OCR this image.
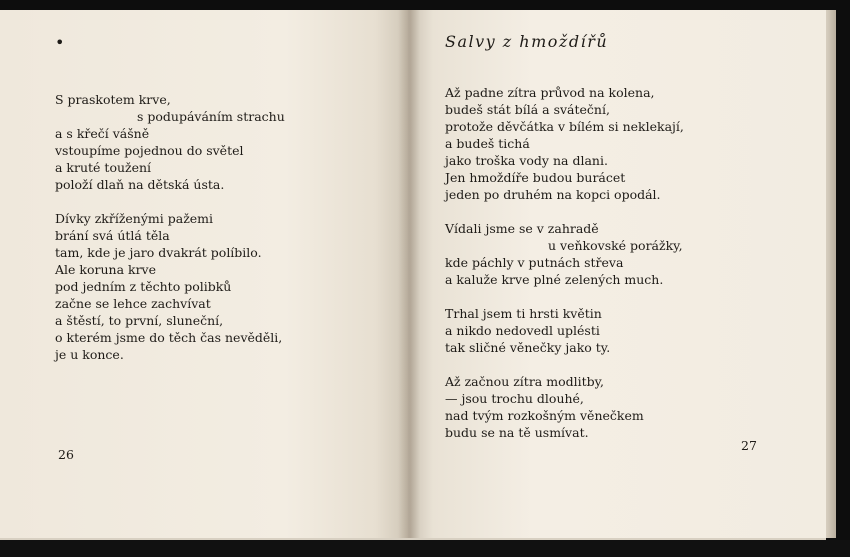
•
S praskotem krve,
s podupáváním strachu
a s křečí vášně
vstoupíme pojednou do světel
a kruté toužení
položí dlaň na dětská ústa.
Dívky zkříženými pažemi
brání svá útlá těla
tam, kde je jaro dvakrát políbilo.
Ale koruna krve
pod jedním z těchto polibků
začne se lehce zachvívat
a štěstí, to první, sluneční,
o kterém jsme do těch čas nevěděli,
je u konce.
26
Salvy z hmoždířů
Až padne zítra průvod na kolena,
budeš stát bílá a sváteční,
protože děvčátka v bílém si neklekají,
a budeš tichá
jako troška vody na dlani.
Jen hmoždíře budou burácet
jeden po druhém na kopci opodál.
Vídali jsme se v zahradě
u veňkovské porážky,
kde páchly v putnách střeva
a kaluže krve plné zelených much.
Trhal jsem ti hrsti květin
a nikdo nedovedl uplésti
tak sličné věnečky jako ty.
Až začnou zítra modlitby,
— jsou trochu dlouhé,
nad tvým rozkošným věnečkem
budu se na tě usmívat.
27
